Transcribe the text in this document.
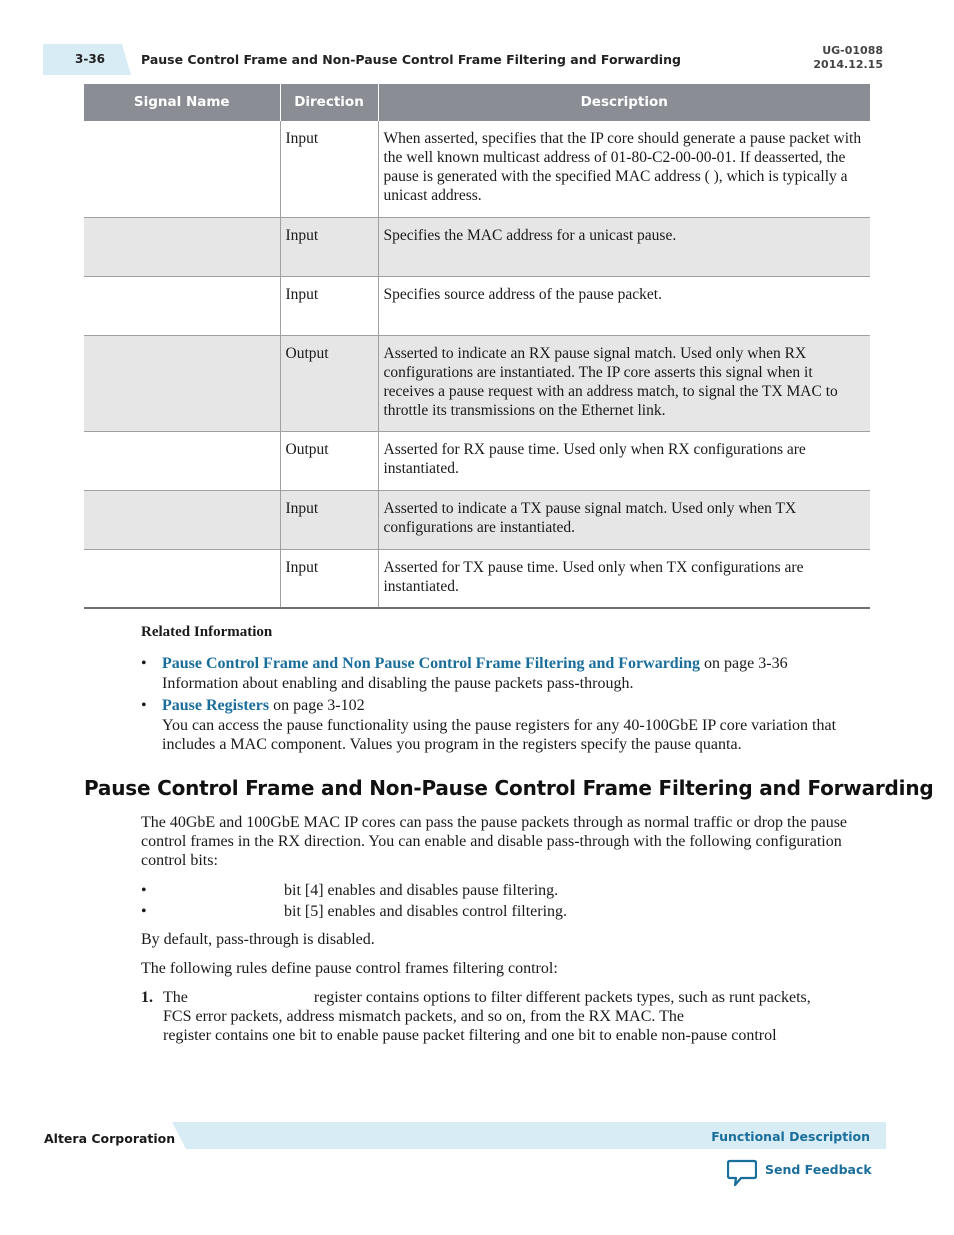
3-36	Pause Control Frame and Non-Pause Control Frame Filtering and Forwarding
UG-01088
2014.12.15
Signal Name	Direction	Description
	Input	When asserted, specifies that the IP core should generate a pause packet with the well known multicast address of 01-80-C2-00-00-01. If deasserted, the pause is generated with the specified MAC address ( ), which is typically a unicast address.
	Input	Specifies the MAC address for a unicast pause.
	Input	Specifies source address of the pause packet.
	Output	Asserted to indicate an RX pause signal match. Used only when RX configurations are instantiated. The IP core asserts this signal when it receives a pause request with an address match, to signal the TX MAC to throttle its transmissions on the Ethernet link.
	Output	Asserted for RX pause time. Used only when RX configurations are instantiated.
	Input	Asserted to indicate a TX pause signal match. Used only when TX configurations are instantiated.
	Input	Asserted for TX pause time. Used only when TX configurations are instantiated.
Related Information
• Pause Control Frame and Non Pause Control Frame Filtering and Forwarding on page 3-36
Information about enabling and disabling the pause packets pass-through.
• Pause Registers on page 3-102
You can access the pause functionality using the pause registers for any 40-100GbE IP core variation that includes a MAC component. Values you program in the registers specify the pause quanta.
Pause Control Frame and Non-Pause Control Frame Filtering and Forwarding

The 40GbE and 100GbE MAC IP cores can pass the pause packets through as normal traffic or drop the pause control frames in the RX direction. You can enable and disable pass-through with the following configuration control bits:

•	bit [4] enables and disables pause filtering.
•	bit [5] enables and disables control filtering.

By default, pass-through is disabled.

The following rules define pause control frames filtering control:

1. The	register contains options to filter different packets types, such as runt packets,
FCS error packets, address mismatch packets, and so on, from the RX MAC. The
register contains one bit to enable pause packet filtering and one bit to enable non-pause control
Altera Corporation	Functional Description
Send Feedback
